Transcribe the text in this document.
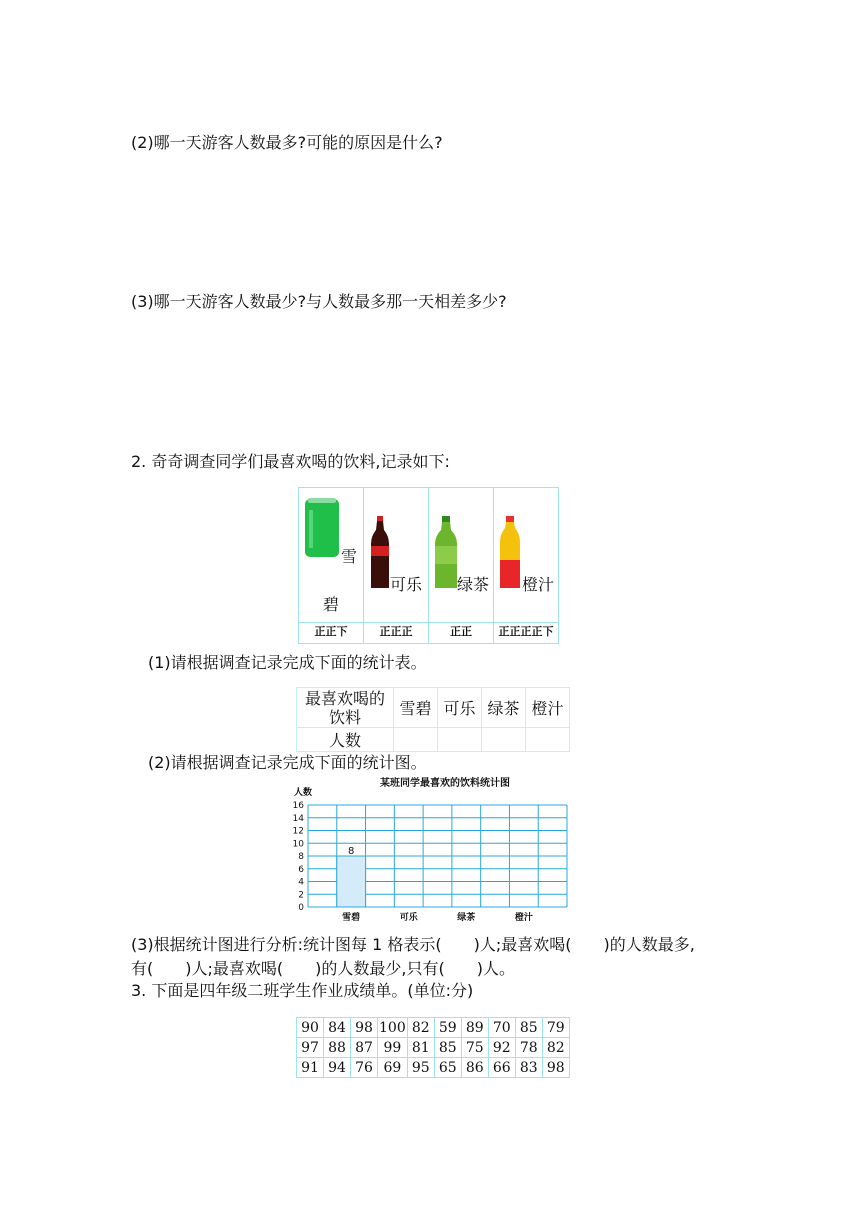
(2)哪一天游客人数最多?可能的原因是什么?
(3)哪一天游客人数最少?与人数最多那一天相差多少?
2. 奇奇调查同学们最喜欢喝的饮料,记录如下:
雪
碧	可乐	绿茶	橙汁

正正下	正正正	正正	正正正正下
(1)请根据调查记录完成下面的统计表。
最喜欢喝的饮料	雪碧	可乐	绿茶	橙汁
人数				
(2)请根据调查记录完成下面的统计图。
某班同学最喜欢的饮料统计图
人数
8
0
2
4
6
8
10
12
14
16
雪碧	可乐	绿茶	橙汁
(3)根据统计图进行分析:统计图每 1 格表示( )人;最喜欢喝( )的人数最多,
有( )人;最喜欢喝( )的人数最少,只有( )人。
3. 下面是四年级二班学生作业成绩单。(单位:分)
90	84	98	100	82	59	89	70	85	79
97	88	87	99	81	85	75	92	78	82
91	94	76	69	95	65	86	66	83	98
